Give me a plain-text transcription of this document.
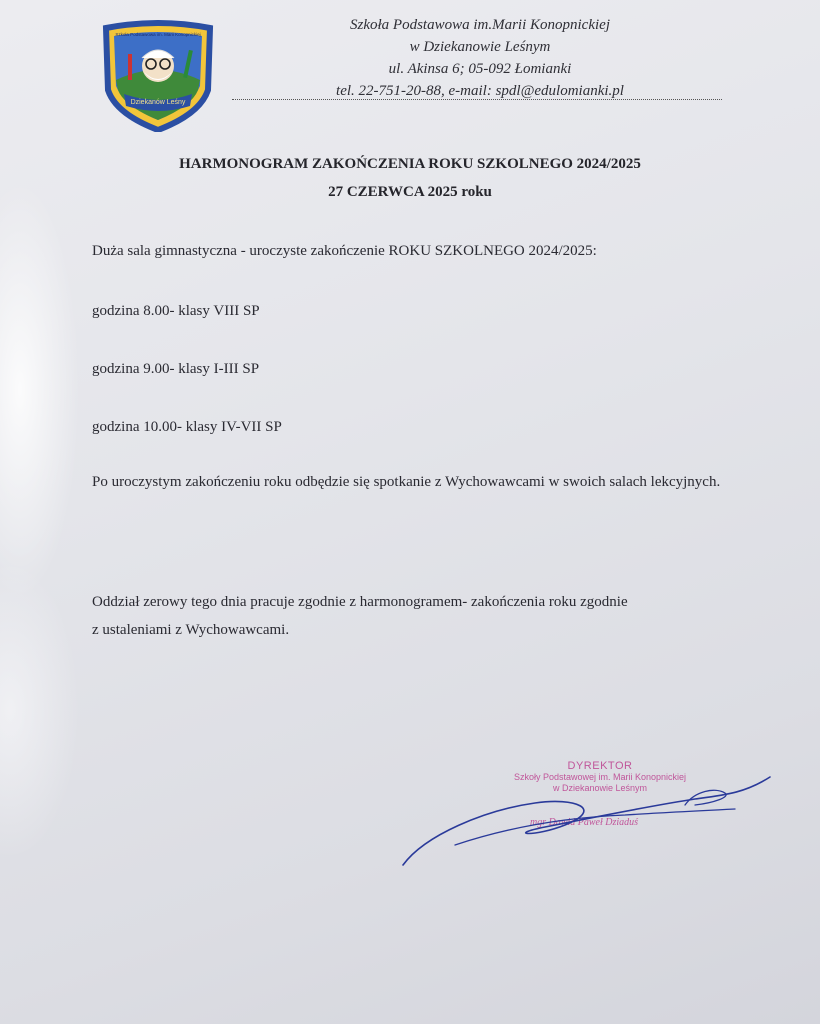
Dziekanów Leśny
Szkoła Podstawowa im. Marii Konopnickiej
Szkoła Podstawowa im.Marii Konopnickiej
w Dziekanowie Leśnym
ul. Akinsa 6; 05-092 Łomianki
tel. 22-751-20-88, e-mail: spdl@edulomianki.pl
HARMONOGRAM ZAKOŃCZENIA ROKU SZKOLNEGO 2024/2025
27 CZERWCA 2025 roku
Duża sala gimnastyczna - uroczyste zakończenie ROKU SZKOLNEGO 2024/2025:
godzina 8.00- klasy VIII SP
godzina 9.00- klasy I-III SP
godzina 10.00- klasy IV-VII SP
Po uroczystym zakończeniu roku odbędzie się spotkanie z Wychowawcami w swoich salach lekcyjnych.
Oddział zerowy tego dnia pracuje zgodnie z harmonogramem- zakończenia roku zgodnie
z ustaleniami z Wychowawcami.
DYREKTOR
Szkoły Podstawowej im. Marii Konopnickiej
w Dziekanowie Leśnym
mgr Dawid Paweł Dziaduś
